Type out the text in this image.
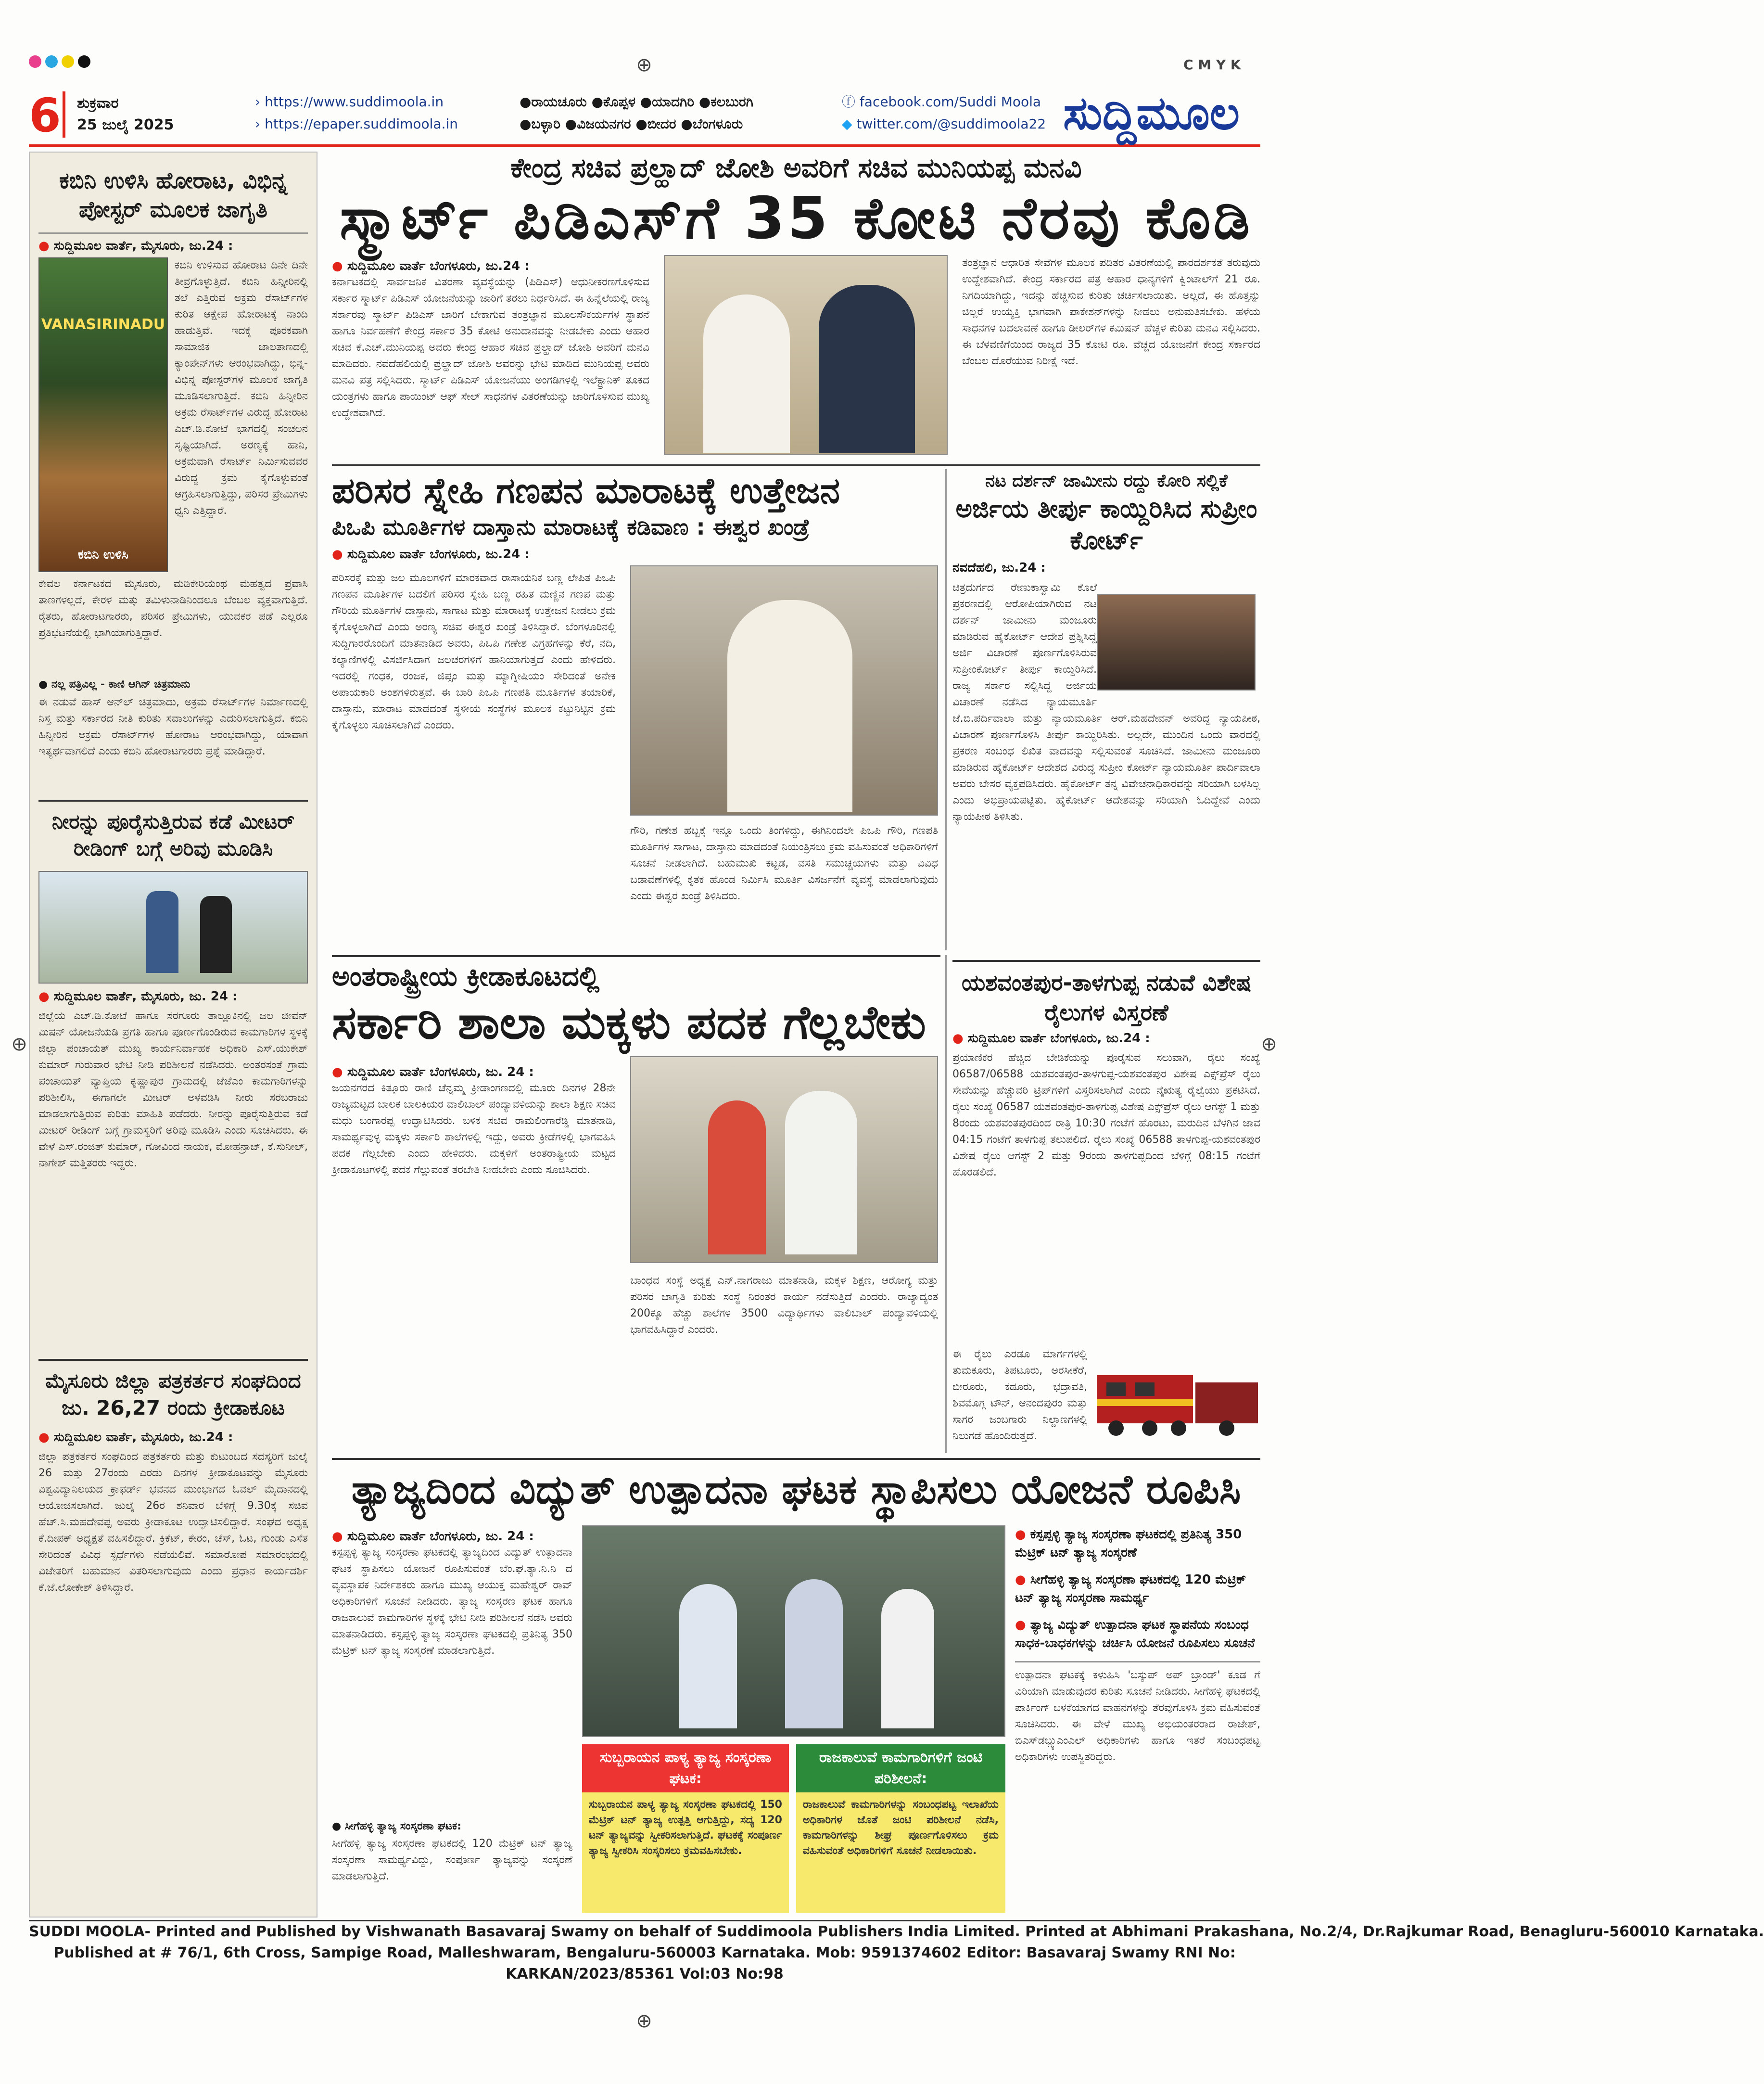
⊕	C M Y K
⊕	⊕
⊕
6 ಶುಕ್ರವಾರ
25 ಜುಲೈ 2025
› https://www.suddimoola.in
› https://epaper.suddimoola.in
●ರಾಯಚೂರು ●ಕೊಪ್ಪಳ ●ಯಾದಗಿರಿ ●ಕಲಬುರಗಿ
●ಬಳ್ಳಾರಿ ●ವಿಜಯನಗರ ●ಬೀದರ ●ಬೆಂಗಳೂರು
ⓕ facebook.com/Suddi Moola
◆ twitter.com/@suddimoola22 ಸುದ್ದಿಮೂಲ
ಕಬಿನಿ ಉಳಿಸಿ ಹೋರಾಟ, ವಿಭಿನ್ನ ಪೋಸ್ಟರ್ ಮೂಲಕ ಜಾಗೃತಿ
● ಸುದ್ದಿಮೂಲ ವಾರ್ತೆ, ಮೈಸೂರು, ಜು.24 :
VANASIRINADU
ಕಬಿನಿ ಉಳಿಸಿ
ಕಬಿನಿ ಉಳಿಸುವ ಹೋರಾಟ ದಿನೇ ದಿನೇ ತೀವ್ರಗೊಳ್ಳುತ್ತಿದೆ. ಕಬಿನಿ ಹಿನ್ನೀರಿನಲ್ಲಿ ತಲೆ ಎತ್ತಿರುವ ಅಕ್ರಮ ರೆಸಾರ್ಟ್‌ಗಳ ಕುರಿತ ಆಕ್ಷೇಪ ಹೋರಾಟಕ್ಕೆ ನಾಂದಿ ಹಾಡುತ್ತಿವೆ. ಇದಕ್ಕೆ ಪೂರಕವಾಗಿ ಸಾಮಾಜಿಕ ಜಾಲತಾಣದಲ್ಲಿ ಕ್ಯಾಂಪೇನ್‌ಗಳು ಆರಂಭವಾಗಿದ್ದು, ಭಿನ್ನ-ವಿಭಿನ್ನ ಪೋಸ್ಟರ್‌ಗಳ ಮೂಲಕ ಜಾಗೃತಿ ಮೂಡಿಸಲಾಗುತ್ತಿದೆ. ಕಬಿನಿ ಹಿನ್ನೀರಿನ ಅಕ್ರಮ ರೆಸಾರ್ಟ್‌ಗಳ ವಿರುದ್ಧ ಹೋರಾಟ ಎಚ್.ಡಿ.ಕೋಟೆ ಭಾಗದಲ್ಲಿ ಸಂಚಲನ ಸೃಷ್ಟಿಯಾಗಿದೆ. ಅರಣ್ಯಕ್ಕೆ ಹಾನಿ, ಅಕ್ರಮವಾಗಿ ರೆಸಾರ್ಟ್ ನಿರ್ಮಿಸುವವರ ವಿರುದ್ಧ ಕ್ರಮ ಕೈಗೊಳ್ಳುವಂತೆ ಆಗ್ರಹಿಸಲಾಗುತ್ತಿದ್ದು, ಪರಿಸರ ಪ್ರೇಮಿಗಳು ಧ್ವನಿ ಎತ್ತಿದ್ದಾರೆ.
ಕೇವಲ ಕರ್ನಾಟಕದ ಮೈಸೂರು, ಮಡಿಕೇರಿಯಂಥ ಮಹತ್ವದ ಪ್ರವಾಸಿ ತಾಣಗಳಲ್ಲದೆ, ಕೇರಳ ಮತ್ತು ತಮಿಳುನಾಡಿನಿಂದಲೂ ಬೆಂಬಲ ವ್ಯಕ್ತವಾಗುತ್ತಿದೆ. ರೈತರು, ಹೋರಾಟಗಾರರು, ಪರಿಸರ ಪ್ರೇಮಿಗಳು, ಯುವಕರ ಪಡೆ ಎಲ್ಲರೂ ಪ್ರತಿಭಟನೆಯಲ್ಲಿ ಭಾಗಿಯಾಗುತ್ತಿದ್ದಾರೆ.
● ನಲ್ಲ ಪತ್ರಿವಿಲ್ಲ - ಕಾಣಿ ಆಗಿನ್ ಚಿತ್ರಮಾನು
ಈ ನಡುವೆ ಹಾಸ್ ಆನ್‌ಲ್ ಚಿತ್ರಮಾದು, ಅಕ್ರಮ ರೆಸಾರ್ಟ್‌ಗಳ ನಿರ್ಮಾಣದಲ್ಲಿ ನಿಸ್ತ ಮತ್ತು ಸರ್ಕಾರದ ನೀತಿ ಕುರಿತು ಸವಾಲುಗಳನ್ನು ಎದುರಿಸಲಾಗುತ್ತಿದೆ. ಕಬಿನಿ ಹಿನ್ನೀರಿನ ಅಕ್ರಮ ರೆಸಾರ್ಟ್‌ಗಳ ಹೋರಾಟ ಆರಂಭವಾಗಿದ್ದು, ಯಾವಾಗ ಇತ್ಯರ್ಥವಾಗಲಿದೆ ಎಂದು ಕಬಿನಿ ಹೋರಾಟಗಾರರು ಪ್ರಶ್ನೆ ಮಾಡಿದ್ದಾರೆ.
ನೀರನ್ನು ಪೂರೈಸುತ್ತಿರುವ ಕಡೆ ಮೀಟರ್ ರೀಡಿಂಗ್ ಬಗ್ಗೆ ಅರಿವು ಮೂಡಿಸಿ
● ಸುದ್ದಿಮೂಲ ವಾರ್ತೆ, ಮೈಸೂರು, ಜು. 24 :
ಜಿಲ್ಲೆಯ ಎಚ್.ಡಿ.ಕೋಟೆ ಹಾಗೂ ಸರಗೂರು ತಾಲ್ಲೂಕಿನಲ್ಲಿ ಜಲ ಜೀವನ್ ಮಿಷನ್ ಯೋಜನೆಯಡಿ ಪ್ರಗತಿ ಹಾಗೂ ಪೂರ್ಣಗೊಂಡಿರುವ ಕಾಮಗಾರಿಗಳ ಸ್ಥಳಕ್ಕೆ ಜಿಲ್ಲಾ ಪಂಚಾಯತ್ ಮುಖ್ಯ ಕಾರ್ಯನಿರ್ವಾಹಕ ಅಧಿಕಾರಿ ಎಸ್.ಯುಕೇಶ್ ಕುಮಾರ್ ಗುರುವಾರ ಭೇಟಿ ನೀಡಿ ಪರಿಶೀಲನೆ ನಡೆಸಿದರು. ಅಂತರಸಂತೆ ಗ್ರಾಮ ಪಂಚಾಯತ್ ವ್ಯಾಪ್ತಿಯ ಕೃಷ್ಣಾಪುರ ಗ್ರಾಮದಲ್ಲಿ ಜೆಜೆಎಂ ಕಾಮಗಾರಿಗಳನ್ನು ಪರಿಶೀಲಿಸಿ, ಈಗಾಗಲೇ ಮೀಟರ್ ಅಳವಡಿಸಿ ನೀರು ಸರಬರಾಜು ಮಾಡಲಾಗುತ್ತಿರುವ ಕುರಿತು ಮಾಹಿತಿ ಪಡೆದರು. ನೀರನ್ನು ಪೂರೈಸುತ್ತಿರುವ ಕಡೆ ಮೀಟರ್ ರೀಡಿಂಗ್ ಬಗ್ಗೆ ಗ್ರಾಮಸ್ಥರಿಗೆ ಅರಿವು ಮೂಡಿಸಿ ಎಂದು ಸೂಚಿಸಿದರು. ಈ ವೇಳೆ ಎಸ್.ರಂಜಿತ್ ಕುಮಾರ್, ಗೋವಿಂದ ನಾಯಕ, ಮೋಹನ್ರಾಜ್, ಕೆ.ಸುನೀಲ್, ನಾಗೇಶ್ ಮತ್ತಿತರರು ಇದ್ದರು.
ಮೈಸೂರು ಜಿಲ್ಲಾ ಪತ್ರಕರ್ತರ ಸಂಘದಿಂದ ಜು. 26,27 ರಂದು ಕ್ರೀಡಾಕೂಟ
● ಸುದ್ದಿಮೂಲ ವಾರ್ತೆ, ಮೈಸೂರು, ಜು.24 :
ಜಿಲ್ಲಾ ಪತ್ರಕರ್ತರ ಸಂಘದಿಂದ ಪತ್ರಕರ್ತರು ಮತ್ತು ಕುಟುಂಬದ ಸದಸ್ಯರಿಗೆ ಜುಲೈ 26 ಮತ್ತು 27ರಂದು ಎರಡು ದಿನಗಳ ಕ್ರೀಡಾಕೂಟವನ್ನು ಮೈಸೂರು ವಿಶ್ವವಿದ್ಯಾನಿಲಯದ ಕ್ರಾಫರ್ಡ್ ಭವನದ ಮುಂಭಾಗದ ಓವಲ್ ಮೈದಾನದಲ್ಲಿ ಆಯೋಜಿಸಲಾಗಿದೆ. ಜುಲೈ 26ರ ಶನಿವಾರ ಬೆಳಿಗ್ಗೆ 9.30ಕ್ಕೆ ಸಚಿವ ಹೆಚ್.ಸಿ.ಮಹದೇವಪ್ಪ ಅವರು ಕ್ರೀಡಾಕೂಟ ಉದ್ಘಾಟಿಸಲಿದ್ದಾರೆ. ಸಂಘದ ಅಧ್ಯಕ್ಷ ಕೆ.ದೀಪಕ್ ಅಧ್ಯಕ್ಷತೆ ವಹಿಸಲಿದ್ದಾರೆ. ಕ್ರಿಕೆಟ್, ಕೇರಂ, ಚೆಸ್, ಓಟ, ಗುಂಡು ಎಸೆತ ಸೇರಿದಂತೆ ವಿವಿಧ ಸ್ಪರ್ಧೆಗಳು ನಡೆಯಲಿವೆ. ಸಮಾರೋಪ ಸಮಾರಂಭದಲ್ಲಿ ವಿಜೇತರಿಗೆ ಬಹುಮಾನ ವಿತರಿಸಲಾಗುವುದು ಎಂದು ಪ್ರಧಾನ ಕಾರ್ಯದರ್ಶಿ ಕೆ.ಜೆ.ಲೋಕೇಶ್ ತಿಳಿಸಿದ್ದಾರೆ.
ಕೇಂದ್ರ ಸಚಿವ ಪ್ರಲ್ಹಾದ್ ಜೋಶಿ ಅವರಿಗೆ ಸಚಿವ ಮುನಿಯಪ್ಪ ಮನವಿ
ಸ್ಮಾರ್ಟ್ ಪಿಡಿಎಸ್‌ಗೆ 35 ಕೋಟಿ ನೆರವು ಕೊಡಿ
● ಸುದ್ದಿಮೂಲ ವಾರ್ತೆ ಬೆಂಗಳೂರು, ಜು.24 :
ಕರ್ನಾಟಕದಲ್ಲಿ ಸಾರ್ವಜನಿಕ ವಿತರಣಾ ವ್ಯವಸ್ಥೆಯನ್ನು (ಪಿಡಿಎಸ್) ಆಧುನೀಕರಣಗೊಳಿಸುವ ಸರ್ಕಾರ ಸ್ಮಾರ್ಟ್ ಪಿಡಿಎಸ್ ಯೋಜನೆಯನ್ನು ಜಾರಿಗೆ ತರಲು ನಿರ್ಧರಿಸಿದೆ. ಈ ಹಿನ್ನೆಲೆಯಲ್ಲಿ ರಾಜ್ಯ ಸರ್ಕಾರವು ಸ್ಮಾರ್ಟ್ ಪಿಡಿಎಸ್ ಜಾರಿಗೆ ಬೇಕಾಗುವ ತಂತ್ರಜ್ಞಾನ ಮೂಲಸೌಕರ್ಯಗಳ ಸ್ಥಾಪನೆ ಹಾಗೂ ನಿರ್ವಹಣೆಗೆ ಕೇಂದ್ರ ಸರ್ಕಾರ 35 ಕೋಟಿ ಅನುದಾನವನ್ನು ನೀಡಬೇಕು ಎಂದು ಆಹಾರ ಸಚಿವ ಕೆ.ಎಚ್.ಮುನಿಯಪ್ಪ ಅವರು ಕೇಂದ್ರ ಆಹಾರ ಸಚಿವ ಪ್ರಲ್ಹಾದ್ ಜೋಶಿ ಅವರಿಗೆ ಮನವಿ ಮಾಡಿದರು. ನವದೆಹಲಿಯಲ್ಲಿ ಪ್ರಲ್ಹಾದ್ ಜೋಶಿ ಅವರನ್ನು ಭೇಟಿ ಮಾಡಿದ ಮುನಿಯಪ್ಪ ಅವರು ಮನವಿ ಪತ್ರ ಸಲ್ಲಿಸಿದರು. ಸ್ಮಾರ್ಟ್ ಪಿಡಿಎಸ್ ಯೋಜನೆಯು ಅಂಗಡಿಗಳಲ್ಲಿ ಇಲೆಕ್ಟ್ರಾನಿಕ್ ತೂಕದ ಯಂತ್ರಗಳು ಹಾಗೂ ಪಾಯಿಂಟ್ ಆಫ್ ಸೇಲ್ ಸಾಧನಗಳ ವಿತರಣೆಯನ್ನು ಜಾರಿಗೊಳಿಸುವ ಮುಖ್ಯ ಉದ್ದೇಶವಾಗಿದೆ.
ತಂತ್ರಜ್ಞಾನ ಆಧಾರಿತ ಸೇವೆಗಳ ಮೂಲಕ ಪಡಿತರ ವಿತರಣೆಯಲ್ಲಿ ಪಾರದರ್ಶಕತೆ ತರುವುದು ಉದ್ದೇಶವಾಗಿದೆ. ಕೇಂದ್ರ ಸರ್ಕಾರದ ಪತ್ರ ಆಹಾರ ಧಾನ್ಯಗಳಿಗೆ ಕ್ವಿಂಟಾಲ್‌ಗೆ 21 ರೂ. ನಿಗದಿಯಾಗಿದ್ದು, ಇದನ್ನು ಹೆಚ್ಚಿಸುವ ಕುರಿತು ಚರ್ಚಿಸಲಾಯಿತು. ಅಲ್ಲದೆ, ಈ ಹೊತ್ತನ್ನು ಚಿಲ್ಲರೆ ಉಯ್ಯಕ್ತಿ ಭಾಗವಾಗಿ ಪಾಕೇಶನ್‌ಗಳನ್ನು ನೀಡಲು ಅನುಮತಿಸಬೇಕು. ಹಳೆಯ ಸಾಧನಗಳ ಬದಲಾವಣೆ ಹಾಗೂ ಡೀಲರ್‌ಗಳ ಕಮಿಷನ್ ಹೆಚ್ಚಳ ಕುರಿತು ಮನವಿ ಸಲ್ಲಿಸಿದರು. ಈ ಬೆಳವಣಿಗೆಯಿಂದ ರಾಜ್ಯದ 35 ಕೋಟಿ ರೂ. ವೆಚ್ಚದ ಯೋಜನೆಗೆ ಕೇಂದ್ರ ಸರ್ಕಾರದ ಬೆಂಬಲ ದೊರೆಯುವ ನಿರೀಕ್ಷೆ ಇದೆ.
ಪರಿಸರ ಸ್ನೇಹಿ ಗಣಪನ ಮಾರಾಟಕ್ಕೆ ಉತ್ತೇಜನ
ಪಿಒಪಿ ಮೂರ್ತಿಗಳ ದಾಸ್ತಾನು ಮಾರಾಟಕ್ಕೆ ಕಡಿವಾಣ : ಈಶ್ವರ ಖಂಡ್ರೆ
● ಸುದ್ದಿಮೂಲ ವಾರ್ತೆ ಬೆಂಗಳೂರು, ಜು.24 :
ಪರಿಸರಕ್ಕೆ ಮತ್ತು ಜಲ ಮೂಲಗಳಿಗೆ ಮಾರಕವಾದ ರಾಸಾಯನಿಕ ಬಣ್ಣ ಲೇಪಿತ ಪಿಒಪಿ ಗಣಪನ ಮೂರ್ತಿಗಳ ಬದಲಿಗೆ ಪರಿಸರ ಸ್ನೇಹಿ ಬಣ್ಣ ರಹಿತ ಮಣ್ಣಿನ ಗಣಪ ಮತ್ತು ಗೌರಿಯ ಮೂರ್ತಿಗಳ ದಾಸ್ತಾನು, ಸಾಗಾಟ ಮತ್ತು ಮಾರಾಟಕ್ಕೆ ಉತ್ತೇಜನ ನೀಡಲು ಕ್ರಮ ಕೈಗೊಳ್ಳಲಾಗಿದೆ ಎಂದು ಅರಣ್ಯ ಸಚಿವ ಈಶ್ವರ ಖಂಡ್ರೆ ತಿಳಿಸಿದ್ದಾರೆ. ಬೆಂಗಳೂರಿನಲ್ಲಿ ಸುದ್ದಿಗಾರರೊಂದಿಗೆ ಮಾತನಾಡಿದ ಅವರು, ಪಿಒಪಿ ಗಣೇಶ ವಿಗ್ರಹಗಳನ್ನು ಕೆರೆ, ನದಿ, ಕಲ್ಯಾಣಿಗಳಲ್ಲಿ ವಿಸರ್ಜಿಸಿದಾಗ ಜಲಚರಗಳಿಗೆ ಹಾನಿಯಾಗುತ್ತದೆ ಎಂದು ಹೇಳಿದರು. ಇದರಲ್ಲಿ ಗಂಧಕ, ರಂಜಕ, ಜಿಪ್ಸಂ ಮತ್ತು ಮ್ಯಾಗ್ನೀಷಿಯಂ ಸೇರಿದಂತೆ ಅನೇಕ ಅಪಾಯಕಾರಿ ಅಂಶಗಳಿರುತ್ತವೆ. ಈ ಬಾರಿ ಪಿಒಪಿ ಗಣಪತಿ ಮೂರ್ತಿಗಳ ತಯಾರಿಕೆ, ದಾಸ್ತಾನು, ಮಾರಾಟ ಮಾಡದಂತೆ ಸ್ಥಳೀಯ ಸಂಸ್ಥೆಗಳ ಮೂಲಕ ಕಟ್ಟುನಿಟ್ಟಿನ ಕ್ರಮ ಕೈಗೊಳ್ಳಲು ಸೂಚಿಸಲಾಗಿದೆ ಎಂದರು.
ಗೌರಿ, ಗಣೇಶ ಹಬ್ಬಕ್ಕೆ ಇನ್ನೂ ಒಂದು ತಿಂಗಳಿದ್ದು, ಈಗಿನಿಂದಲೇ ಪಿಒಪಿ ಗೌರಿ, ಗಣಪತಿ ಮೂರ್ತಿಗಳ ಸಾಗಾಟ, ದಾಸ್ತಾನು ಮಾಡದಂತೆ ನಿಯಂತ್ರಿಸಲು ಕ್ರಮ ವಹಿಸುವಂತೆ ಅಧಿಕಾರಿಗಳಿಗೆ ಸೂಚನೆ ನೀಡಲಾಗಿದೆ. ಬಹುಮುಖಿ ಕಟ್ಟಡ, ವಸತಿ ಸಮುಚ್ಚಯಗಳು ಮತ್ತು ವಿವಿಧ ಬಡಾವಣೆಗಳಲ್ಲಿ ಕೃತಕ ಹೊಂಡ ನಿರ್ಮಿಸಿ ಮೂರ್ತಿ ವಿಸರ್ಜನೆಗೆ ವ್ಯವಸ್ಥೆ ಮಾಡಲಾಗುವುದು ಎಂದು ಈಶ್ವರ ಖಂಡ್ರೆ ತಿಳಿಸಿದರು.
ನಟ ದರ್ಶನ್ ಜಾಮೀನು ರದ್ದು ಕೋರಿ ಸಲ್ಲಿಕೆ
ಅರ್ಜಿಯ ತೀರ್ಪು ಕಾಯ್ದಿರಿಸಿದ ಸುಪ್ರೀಂ ಕೋರ್ಟ್
ನವದೆಹಲಿ, ಜು.24 :
ಚಿತ್ರದುರ್ಗದ ರೇಣುಕಾಸ್ವಾಮಿ ಕೊಲೆ ಪ್ರಕರಣದಲ್ಲಿ ಆರೋಪಿಯಾಗಿರುವ ನಟ ದರ್ಶನ್ ಜಾಮೀನು ಮಂಜೂರು ಮಾಡಿರುವ ಹೈಕೋರ್ಟ್ ಆದೇಶ ಪ್ರಶ್ನಿಸಿದ್ದ ಅರ್ಜಿ ವಿಚಾರಣೆ ಪೂರ್ಣಗೊಳಿಸಿರುವ ಸುಪ್ರೀಂಕೋರ್ಟ್ ತೀರ್ಪು ಕಾಯ್ದಿರಿಸಿದೆ. ರಾಜ್ಯ ಸರ್ಕಾರ ಸಲ್ಲಿಸಿದ್ದ ಅರ್ಜಿಯ ವಿಚಾರಣೆ ನಡೆಸಿದ ನ್ಯಾಯಮೂರ್ತಿ ಜೆ.ಬಿ.ಪರ್ದಿವಾಲಾ ಮತ್ತು ನ್ಯಾಯಮೂರ್ತಿ ಆರ್.ಮಹದೇವನ್ ಅವರಿದ್ದ ನ್ಯಾಯಪೀಠ, ವಿಚಾರಣೆ ಪೂರ್ಣಗೊಳಿಸಿ ತೀರ್ಪು ಕಾಯ್ದಿರಿಸಿತು. ಅಲ್ಲದೇ, ಮುಂದಿನ ಒಂದು ವಾರದಲ್ಲಿ ಪ್ರಕರಣ ಸಂಬಂಧ ಲಿಖಿತ ವಾದವನ್ನು ಸಲ್ಲಿಸುವಂತೆ ಸೂಚಿಸಿದೆ. ಜಾಮೀನು ಮಂಜೂರು ಮಾಡಿರುವ ಹೈಕೋರ್ಟ್ ಆದೇಶದ ವಿರುದ್ಧ ಸುಪ್ರೀಂ ಕೋರ್ಟ್ ನ್ಯಾಯಮೂರ್ತಿ ಪಾರ್ದಿವಾಲಾ ಅವರು ಬೇಸರ ವ್ಯಕ್ತಪಡಿಸಿದರು. ಹೈಕೋರ್ಟ್ ತನ್ನ ವಿವೇಚನಾಧಿಕಾರವನ್ನು ಸರಿಯಾಗಿ ಬಳಸಿಲ್ಲ ಎಂದು ಅಭಿಪ್ರಾಯಪಟ್ಟಿತು. ಹೈಕೋರ್ಟ್ ಆದೇಶವನ್ನು ಸರಿಯಾಗಿ ಓದಿದ್ದೇವೆ ಎಂದು ನ್ಯಾಯಪೀಠ ತಿಳಿಸಿತು.
ಅಂತರಾಷ್ಟ್ರೀಯ ಕ್ರೀಡಾಕೂಟದಲ್ಲಿ
ಸರ್ಕಾರಿ ಶಾಲಾ ಮಕ್ಕಳು ಪದಕ ಗೆಲ್ಲಬೇಕು
● ಸುದ್ದಿಮೂಲ ವಾರ್ತೆ ಬೆಂಗಳೂರು, ಜು. 24 :
ಜಯನಗರದ ಕಿತ್ತೂರು ರಾಣಿ ಚೆನ್ನಮ್ಮ ಕ್ರೀಡಾಂಗಣದಲ್ಲಿ ಮೂರು ದಿನಗಳ 28ನೇ ರಾಜ್ಯಮಟ್ಟದ ಬಾಲಕ ಬಾಲಕಿಯರ ವಾಲಿಬಾಲ್ ಪಂದ್ಯಾವಳಿಯನ್ನು ಶಾಲಾ ಶಿಕ್ಷಣ ಸಚಿವ ಮಧು ಬಂಗಾರಪ್ಪ ಉದ್ಘಾಟಿಸಿದರು. ಬಳಿಕ ಸಚಿವ ರಾಮಲಿಂಗಾರೆಡ್ಡಿ ಮಾತನಾಡಿ, ಸಾಮರ್ಥ್ಯವುಳ್ಳ ಮಕ್ಕಳು ಸರ್ಕಾರಿ ಶಾಲೆಗಳಲ್ಲಿ ಇದ್ದು, ಅವರು ಕ್ರೀಡೆಗಳಲ್ಲಿ ಭಾಗವಹಿಸಿ ಪದಕ ಗೆಲ್ಲಬೇಕು ಎಂದು ಹೇಳಿದರು. ಮಕ್ಕಳಿಗೆ ಅಂತರಾಷ್ಟ್ರೀಯ ಮಟ್ಟದ ಕ್ರೀಡಾಕೂಟಗಳಲ್ಲಿ ಪದಕ ಗೆಲ್ಲುವಂತೆ ತರಬೇತಿ ನೀಡಬೇಕು ಎಂದು ಸೂಚಿಸಿದರು.
ಬಾಂಧವ ಸಂಸ್ಥೆ ಅಧ್ಯಕ್ಷ ಎನ್.ನಾಗರಾಜು ಮಾತನಾಡಿ, ಮಕ್ಕಳ ಶಿಕ್ಷಣ, ಆರೋಗ್ಯ ಮತ್ತು ಪರಿಸರ ಜಾಗೃತಿ ಕುರಿತು ಸಂಸ್ಥೆ ನಿರಂತರ ಕಾರ್ಯ ನಡೆಸುತ್ತಿದೆ ಎಂದರು. ರಾಜ್ಯಾದ್ಯಂತ 200ಕ್ಕೂ ಹೆಚ್ಚು ಶಾಲೆಗಳ 3500 ವಿದ್ಯಾರ್ಥಿಗಳು ವಾಲಿಬಾಲ್ ಪಂದ್ಯಾವಳಿಯಲ್ಲಿ ಭಾಗವಹಿಸಿದ್ದಾರೆ ಎಂದರು.
ಯಶವಂತಪುರ-ತಾಳಗುಪ್ಪ ನಡುವೆ ವಿಶೇಷ ರೈಲುಗಳ ವಿಸ್ತರಣೆ
● ಸುದ್ದಿಮೂಲ ವಾರ್ತೆ ಬೆಂಗಳೂರು, ಜು.24 :
ಪ್ರಯಾಣಿಕರ ಹೆಚ್ಚಿದ ಬೇಡಿಕೆಯನ್ನು ಪೂರೈಸುವ ಸಲುವಾಗಿ, ರೈಲು ಸಂಖ್ಯೆ 06587/06588 ಯಶವಂತಪುರ-ತಾಳಗುಪ್ಪ-ಯಶವಂತಪುರ ವಿಶೇಷ ಎಕ್ಸ್‌ಪ್ರೆಸ್ ರೈಲು ಸೇವೆಯನ್ನು ಹೆಚ್ಚುವರಿ ಟ್ರಿಪ್‌ಗಳಿಗೆ ವಿಸ್ತರಿಸಲಾಗಿದೆ ಎಂದು ನೈಋತ್ಯ ರೈಲ್ವೆಯು ಪ್ರಕಟಿಸಿದೆ. ರೈಲು ಸಂಖ್ಯೆ 06587 ಯಶವಂತಪುರ-ತಾಳಗುಪ್ಪ ವಿಶೇಷ ಎಕ್ಸ್‌ಪ್ರೆಸ್ ರೈಲು ಆಗಸ್ಟ್ 1 ಮತ್ತು 8ರಂದು ಯಶವಂತಪುರದಿಂದ ರಾತ್ರಿ 10:30 ಗಂಟೆಗೆ ಹೊರಟು, ಮರುದಿನ ಬೆಳಗಿನ ಜಾವ 04:15 ಗಂಟೆಗೆ ತಾಳಗುಪ್ಪ ತಲುಪಲಿದೆ. ರೈಲು ಸಂಖ್ಯೆ 06588 ತಾಳಗುಪ್ಪ-ಯಶವಂತಪುರ ವಿಶೇಷ ರೈಲು ಆಗಸ್ಟ್ 2 ಮತ್ತು 9ರಂದು ತಾಳಗುಪ್ಪದಿಂದ ಬೆಳಿಗ್ಗೆ 08:15 ಗಂಟೆಗೆ ಹೊರಡಲಿದೆ.
ಈ ರೈಲು ಎರಡೂ ಮಾರ್ಗಗಳಲ್ಲಿ ತುಮಕೂರು, ತಿಪಟೂರು, ಅರಸೀಕೆರೆ, ಬೀರೂರು, ಕಡೂರು, ಭದ್ರಾವತಿ, ಶಿವಮೊಗ್ಗ ಟೌನ್, ಆನಂದಪುರಂ ಮತ್ತು ಸಾಗರ ಜಂಬಗಾರು ನಿಲ್ದಾಣಗಳಲ್ಲಿ ನಿಲುಗಡೆ ಹೊಂದಿರುತ್ತದೆ.
ತ್ಯಾಜ್ಯದಿಂದ ವಿದ್ಯುತ್ ಉತ್ಪಾದನಾ ಘಟಕ ಸ್ಥಾಪಿಸಲು ಯೋಜನೆ ರೂಪಿಸಿ
● ಸುದ್ದಿಮೂಲ ವಾರ್ತೆ ಬೆಂಗಳೂರು, ಜು. 24 :
ಕಸ್ಪಪ್ಪಳ್ಳಿ ತ್ಯಾಜ್ಯ ಸಂಸ್ಕರಣಾ ಘಟಕದಲ್ಲಿ ತ್ಯಾಜ್ಯದಿಂದ ವಿದ್ಯುತ್ ಉತ್ಪಾದನಾ ಘಟಕ ಸ್ಥಾಪಿಸಲು ಯೋಜನೆ ರೂಪಿಸುವಂತೆ ಬೆಂ.ಘ.ತ್ಯಾ.ನಿ.ನಿ ದ ವ್ಯವಸ್ಥಾಪಕ ನಿರ್ದೇಶಕರು ಹಾಗೂ ಮುಖ್ಯ ಆಯುಕ್ತ ಮಹೇಶ್ವರ್ ರಾವ್ ಅಧಿಕಾರಿಗಳಿಗೆ ಸೂಚನೆ ನೀಡಿದರು. ತ್ಯಾಜ್ಯ ಸಂಸ್ಕರಣ ಘಟಕ ಹಾಗೂ ರಾಜಕಾಲುವೆ ಕಾಮಗಾರಿಗಳ ಸ್ಥಳಕ್ಕೆ ಭೇಟಿ ನೀಡಿ ಪರಿಶೀಲನೆ ನಡೆಸಿ ಅವರು ಮಾತನಾಡಿದರು. ಕಸ್ಪಪ್ಪಳ್ಳಿ ತ್ಯಾಜ್ಯ ಸಂಸ್ಕರಣಾ ಘಟಕದಲ್ಲಿ ಪ್ರತಿನಿತ್ಯ 350 ಮೆಟ್ರಿಕ್ ಟನ್ ತ್ಯಾಜ್ಯ ಸಂಸ್ಕರಣೆ ಮಾಡಲಾಗುತ್ತಿದೆ.
● ಸೀಗೆಹಳ್ಳಿ ತ್ಯಾಜ್ಯ ಸಂಸ್ಕರಣಾ ಘಟಕ:
ಸೀಗೆಹಳ್ಳಿ ತ್ಯಾಜ್ಯ ಸಂಸ್ಕರಣಾ ಘಟಕದಲ್ಲಿ 120 ಮೆಟ್ರಿಕ್ ಟನ್ ತ್ಯಾಜ್ಯ ಸಂಸ್ಕರಣಾ ಸಾಮರ್ಥ್ಯವಿದ್ದು, ಸಂಪೂರ್ಣ ತ್ಯಾಜ್ಯವನ್ನು ಸಂಸ್ಕರಣೆ ಮಾಡಲಾಗುತ್ತಿದೆ.
ಸುಬ್ಬರಾಯನ ಪಾಳ್ಯ ತ್ಯಾಜ್ಯ ಸಂಸ್ಕರಣಾ ಘಟಕ:
ಸುಬ್ಬರಾಯನ ಪಾಳ್ಯ ತ್ಯಾಜ್ಯ ಸಂಸ್ಕರಣಾ ಘಟಕದಲ್ಲಿ 150 ಮೆಟ್ರಿಕ್ ಟನ್ ತ್ಯಾಜ್ಯ ಉತ್ಪತ್ತಿ ಆಗುತ್ತಿದ್ದು, ಸದ್ಯ 120 ಟನ್ ತ್ಯಾಜ್ಯವನ್ನು ಸ್ವೀಕರಿಸಲಾಗುತ್ತಿದೆ. ಘಟಕಕ್ಕೆ ಸಂಪೂರ್ಣ ತ್ಯಾಜ್ಯ ಸ್ವೀಕರಿಸಿ ಸಂಸ್ಕರಿಸಲು ಕ್ರಮವಹಿಸಬೇಕು.
ರಾಜಕಾಲುವೆ ಕಾಮಗಾರಿಗಳಿಗೆ ಜಂಟಿ ಪರಿಶೀಲನೆ:
ರಾಜಕಾಲುವೆ ಕಾಮಗಾರಿಗಳನ್ನು ಸಂಬಂಧಪಟ್ಟ ಇಲಾಖೆಯ ಅಧಿಕಾರಿಗಳ ಜೊತೆ ಜಂಟಿ ಪರಿಶೀಲನೆ ನಡೆಸಿ, ಕಾಮಗಾರಿಗಳನ್ನು ಶೀಘ್ರ ಪೂರ್ಣಗೊಳಿಸಲು ಕ್ರಮ ವಹಿಸುವಂತೆ ಅಧಿಕಾರಿಗಳಿಗೆ ಸೂಚನೆ ನೀಡಲಾಯಿತು.
● ಕಸ್ಪಪ್ಪಳ್ಳಿ ತ್ಯಾಜ್ಯ ಸಂಸ್ಕರಣಾ ಘಟಕದಲ್ಲಿ ಪ್ರತಿನಿತ್ಯ 350 ಮೆಟ್ರಿಕ್ ಟನ್ ತ್ಯಾಜ್ಯ ಸಂಸ್ಕರಣೆ
● ಸೀಗೆಹಳ್ಳಿ ತ್ಯಾಜ್ಯ ಸಂಸ್ಕರಣಾ ಘಟಕದಲ್ಲಿ 120 ಮೆಟ್ರಿಕ್ ಟನ್ ತ್ಯಾಜ್ಯ ಸಂಸ್ಕರಣಾ ಸಾಮರ್ಥ್ಯ
● ತ್ಯಾಜ್ಯ ವಿದ್ಯುತ್ ಉತ್ಪಾದನಾ ಘಟಕ ಸ್ಥಾಪನೆಯ ಸಂಬಂಧ ಸಾಧಕ-ಬಾಧಕಗಳನ್ನು ಚರ್ಚಿಸಿ ಯೋಜನೆ ರೂಪಿಸಲು ಸೂಚನೆ
ಉತ್ಪಾದನಾ ಘಟಕಕ್ಕೆ ಕಳುಹಿಸಿ 'ಬಸ್ಕುಪ್ ಅಪ್ ಬ್ರಾಂಡ್' ಕೂಡ ಗೆ ವಿರಿಯಾಗಿ ಮಾಡುವುದರ ಕುರಿತು ಸೂಚನೆ ನೀಡಿದರು. ಸೀಗೆಹಳ್ಳಿ ಘಟಕದಲ್ಲಿ ಪಾರ್ಕಿಂಗ್ ಬಳಕೆಯಾಗದ ವಾಹನಗಳನ್ನು ತೆರವುಗೊಳಿಸಿ ಕ್ರಮ ವಹಿಸುವಂತೆ ಸೂಚಿಸಿದರು. ಈ ವೇಳೆ ಮುಖ್ಯ ಅಭಿಯಂತರರಾದ ರಾಜೇಶ್, ಬಿಎಸ್‌ಡಬ್ಲ್ಯುಎಂಎಲ್ ಅಧಿಕಾರಿಗಳು ಹಾಗೂ ಇತರೆ ಸಂಬಂಧಪಟ್ಟ ಅಧಿಕಾರಿಗಳು ಉಪಸ್ಥಿತರಿದ್ದರು.
SUDDI MOOLA- Printed and Published by Vishwanath Basavaraj Swamy on behalf of Suddimoola Publishers India Limited. Printed at Abhimani Prakashana, No.2/4, Dr.Rajkumar Road, Benagluru-560010 Karnataka.
Published at # 76/1, 6th Cross, Sampige Road, Malleshwaram, Bengaluru-560003 Karnataka. Mob: 9591374602 Editor: Basavaraj Swamy RNI No: KARKAN/2023/85361 Vol:03 No:98
